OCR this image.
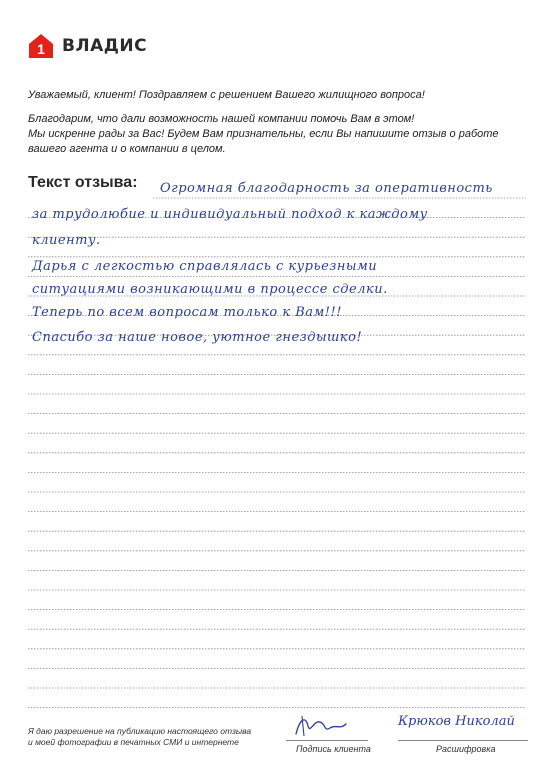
1 ВЛАДИС

Уважаемый, клиент! Поздравляем с решением Вашего жилищного вопроса!

Благодарим, что дали возможность нашей компании помочь Вам в этом!

Мы искренне рады за Вас! Будем Вам признательны, если Вы напишите отзыв о работе

вашего агента и о компании в целом.

Текст отзыва: Огромная благодарность за оперативность
за трудолюбие и индивидуальный подход к каждому
клиенту.
Дарья с легкостью справлялась с курьезными
ситуациями возникающими в процессе сделки.
Теперь по всем вопросам только к Вам!!!
Спасибо за наше новое, уютное гнездышко!
Я даю разрешение на публикацию настоящего отзыва
и моей фотографии в печатных СМИ и интернете
Подпись клиента
Крюков Николай
Расшифровка
